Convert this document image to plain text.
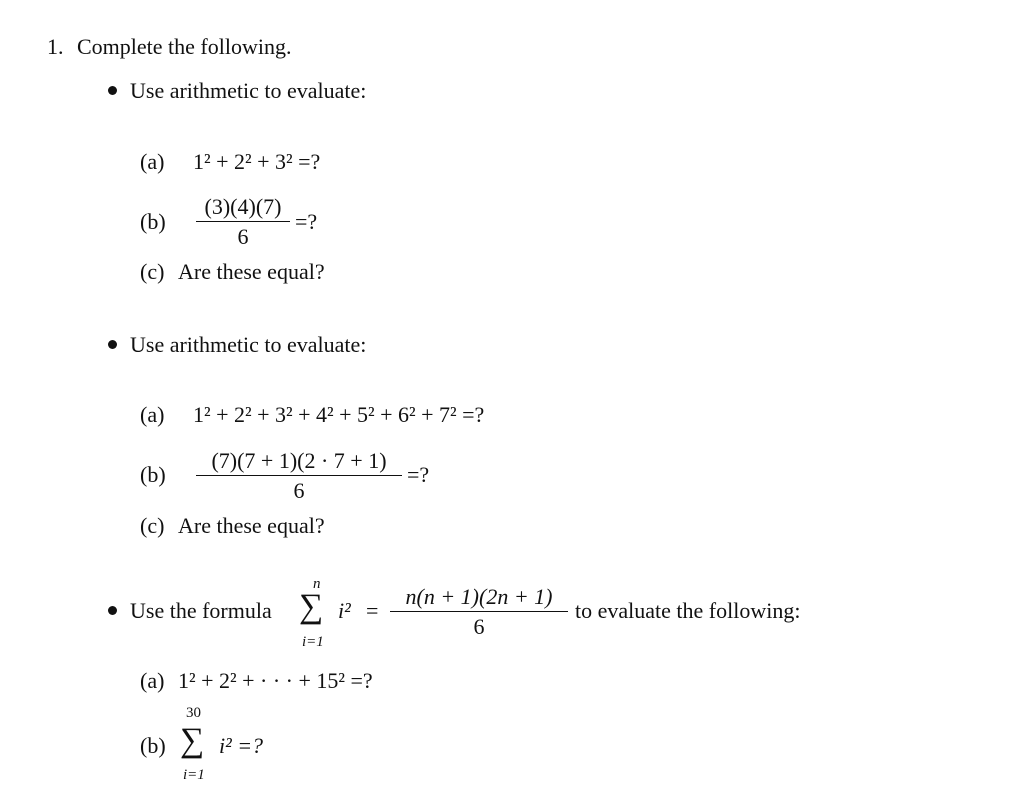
1. Complete the following.
Use arithmetic to evaluate:
(a) 1² + 2² + 3² =?
(b)
(3)(4)(7)
6
=?
(c) Are these equal?
Use arithmetic to evaluate:
(a) 1² + 2² + 3² + 4² + 5² + 6² + 7² =?
(b)
(7)(7 + 1)(2 · 7 + 1)
6
=?
(c) Are these equal?
Use the formula
n
∑
i=1
i² =
n(n + 1)(2n + 1)
6
to evaluate the following:
(a) 1² + 2² + · · · + 15² =?
(b)
30
∑
i=1
i² =?
